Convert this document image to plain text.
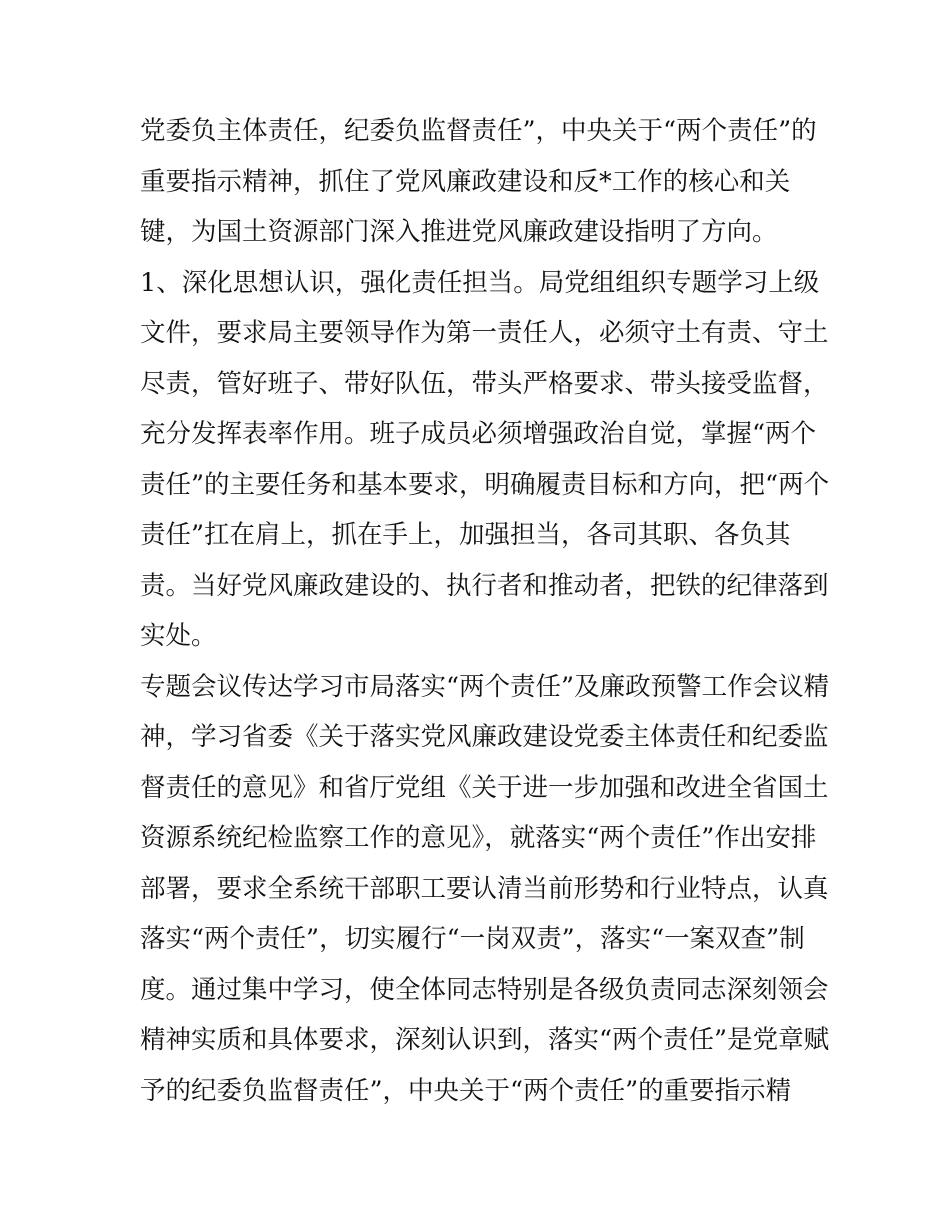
党委负主体责任，纪委负监督责任”，中央关于“两个责任”的
重要指示精神，抓住了党风廉政建设和反*工作的核心和关
键，为国土资源部门深入推进党风廉政建设指明了方向。
1、深化思想认识，强化责任担当。局党组组织专题学习上级
文件，要求局主要领导作为第一责任人，必须守土有责、守土
尽责，管好班子、带好队伍，带头严格要求、带头接受监督，
充分发挥表率作用。班子成员必须增强政治自觉，掌握“两个
责任”的主要任务和基本要求，明确履责目标和方向，把“两个
责任”扛在肩上，抓在手上，加强担当，各司其职、各负其
责。当好党风廉政建设的、执行者和推动者，把铁的纪律落到
实处。
专题会议传达学习市局落实“两个责任”及廉政预警工作会议精
神，学习省委《关于落实党风廉政建设党委主体责任和纪委监
督责任的意见》和省厅党组《关于进一步加强和改进全省国土
资源系统纪检监察工作的意见》，就落实“两个责任”作出安排
部署，要求全系统干部职工要认清当前形势和行业特点，认真
落实“两个责任”，切实履行“一岗双责”，落实“一案双查”制
度。通过集中学习，使全体同志特别是各级负责同志深刻领会
精神实质和具体要求，深刻认识到，落实“两个责任”是党章赋
予的纪委负监督责任”，中央关于“两个责任”的重要指示精
